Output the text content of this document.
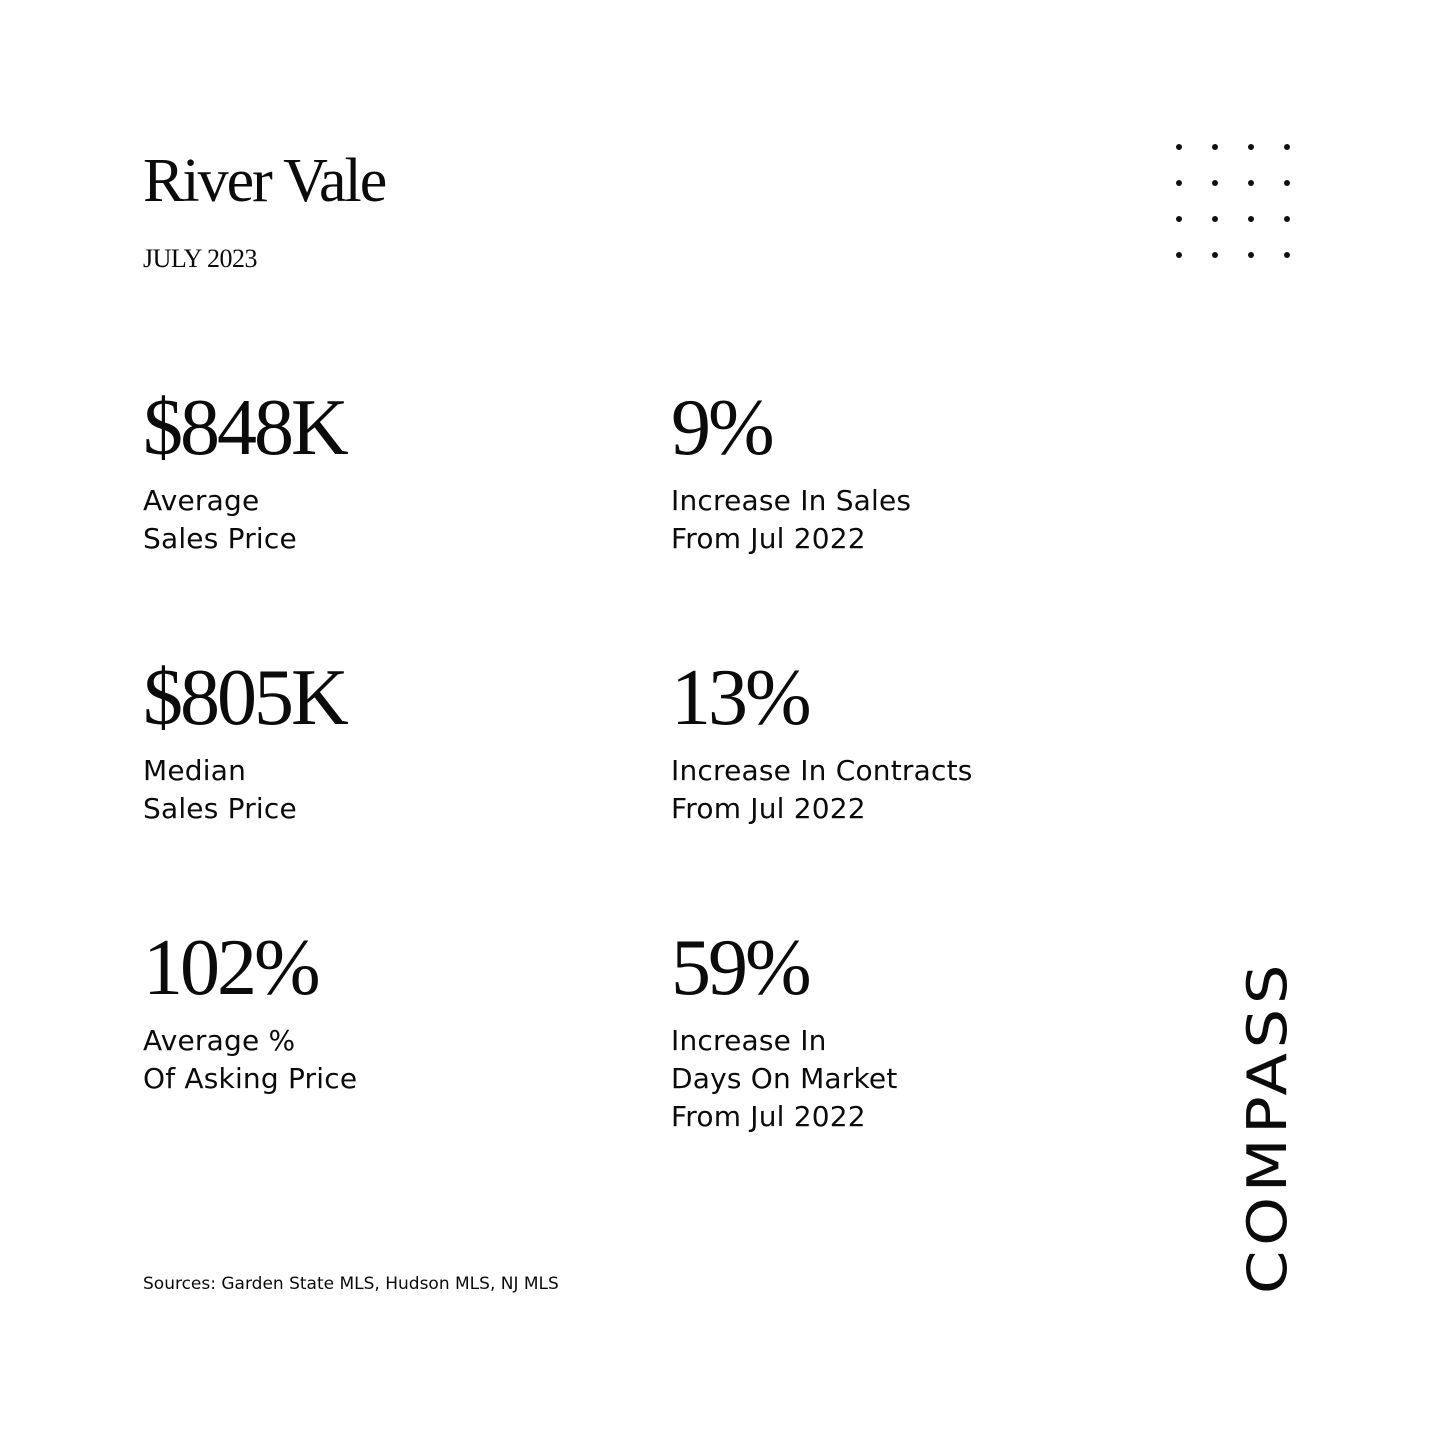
River Vale
JULY 2023
$848K
Average
Sales Price
$805K
Median
Sales Price
102%
Average %
Of Asking Price
9%
Increase In Sales
From Jul 2022
13%
Increase In Contracts
From Jul 2022
59%
Increase In
Days On Market
From Jul 2022
Sources: Garden State MLS, Hudson MLS, NJ MLS	COMPASS
